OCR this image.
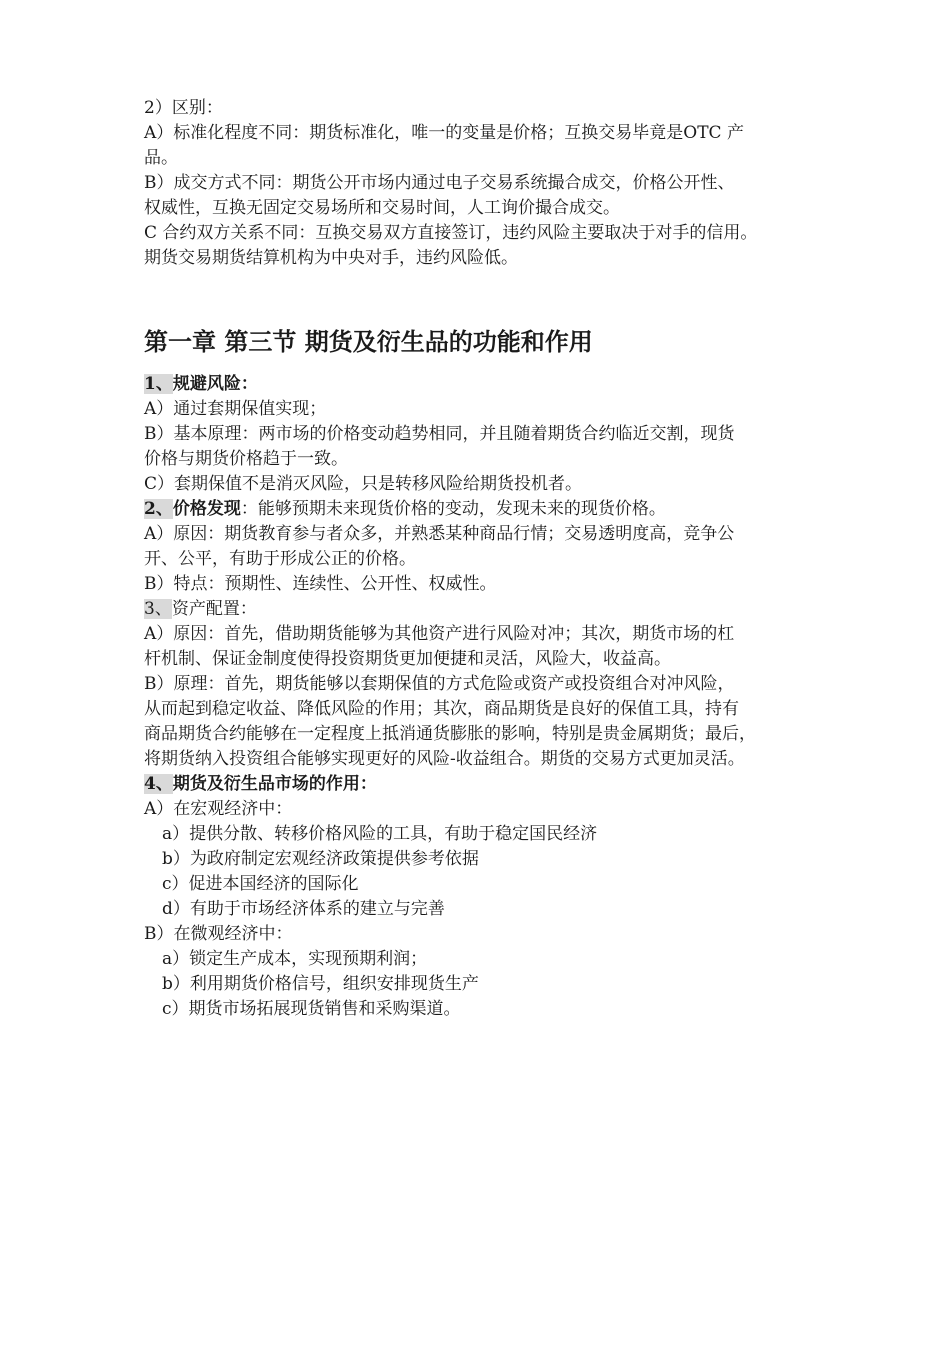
2）区别：

A）标准化程度不同：期货标准化，唯一的变量是价格；互换交易毕竟是OTC 产

品。

B）成交方式不同：期货公开市场内通过电子交易系统撮合成交，价格公开性、

权威性，互换无固定交易场所和交易时间，人工询价撮合成交。

C 合约双方关系不同：互换交易双方直接签订，违约风险主要取决于对手的信用。

期货交易期货结算机构为中央对手，违约风险低。

第一章 第三节 期货及衍生品的功能和作用

1、规避风险：

A）通过套期保值实现；

B）基本原理：两市场的价格变动趋势相同，并且随着期货合约临近交割，现货

价格与期货价格趋于一致。

C）套期保值不是消灭风险，只是转移风险给期货投机者。

2、价格发现：能够预期未来现货价格的变动，发现未来的现货价格。

A）原因：期货教育参与者众多，并熟悉某种商品行情；交易透明度高，竞争公

开、公平，有助于形成公正的价格。

B）特点：预期性、连续性、公开性、权威性。

3、资产配置：

A）原因：首先，借助期货能够为其他资产进行风险对冲；其次，期货市场的杠

杆机制、保证金制度使得投资期货更加便捷和灵活，风险大，收益高。

B）原理：首先，期货能够以套期保值的方式危险或资产或投资组合对冲风险，

从而起到稳定收益、降低风险的作用；其次，商品期货是良好的保值工具，持有

商品期货合约能够在一定程度上抵消通货膨胀的影响，特别是贵金属期货；最后，

将期货纳入投资组合能够实现更好的风险-收益组合。期货的交易方式更加灵活。

4、期货及衍生品市场的作用：

A）在宏观经济中：

a）提供分散、转移价格风险的工具，有助于稳定国民经济

b）为政府制定宏观经济政策提供参考依据

c）促进本国经济的国际化

d）有助于市场经济体系的建立与完善

B）在微观经济中：

a）锁定生产成本，实现预期利润；

b）利用期货价格信号，组织安排现货生产

c）期货市场拓展现货销售和采购渠道。
